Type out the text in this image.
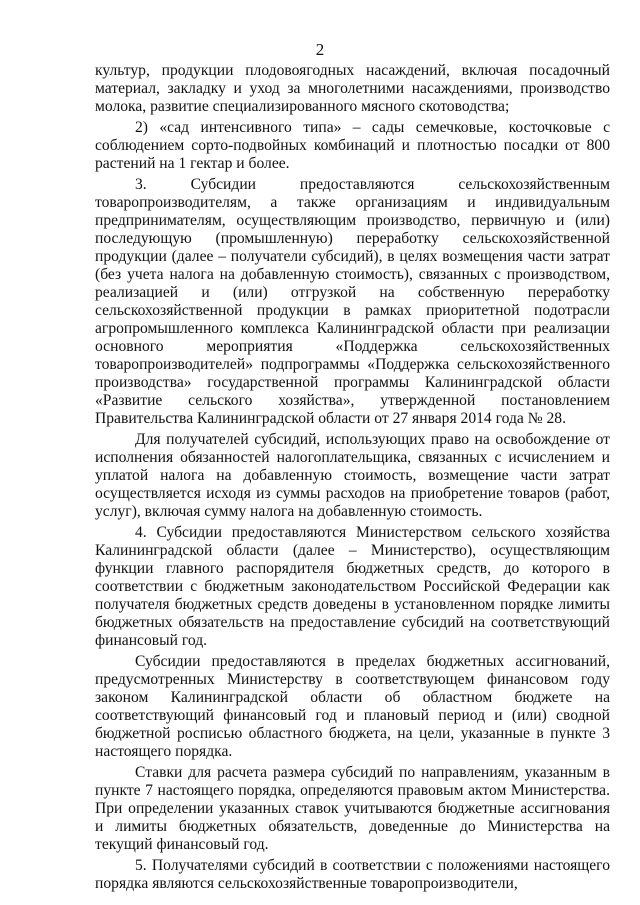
2

культур, продукции плодовоягодных насаждений, включая посадочный материал, закладку и уход за многолетними насаждениями, производство молока, развитие специализированного мясного скотоводства;

2) «сад интенсивного типа» – сады семечковые, косточковые с соблюдением сорто-подвойных комбинаций и плотностью посадки от 800 растений на 1 гектар и более.

3. Субсидии предоставляются сельскохозяйственным товаропроизводителям, а также организациям и индивидуальным предпринимателям, осуществляющим производство, первичную и (или) последующую (промышленную) переработку сельскохозяйственной продукции (далее – получатели субсидий), в целях возмещения части затрат (без учета налога на добавленную стоимость), связанных с производством, реализацией и (или) отгрузкой на собственную переработку сельскохозяйственной продукции в рамках приоритетной подотрасли агропромышленного комплекса Калининградской области при реализации основного мероприятия «Поддержка сельскохозяйственных товаропроизводителей» подпрограммы «Поддержка сельскохозяйственного производства» государственной программы Калининградской области «Развитие сельского хозяйства», утвержденной постановлением Правительства Калининградской области от 27 января 2014 года № 28.

Для получателей субсидий, использующих право на освобождение от исполнения обязанностей налогоплательщика, связанных с исчислением и уплатой налога на добавленную стоимость, возмещение части затрат осуществляется исходя из суммы расходов на приобретение товаров (работ, услуг), включая сумму налога на добавленную стоимость.

4. Субсидии предоставляются Министерством сельского хозяйства Калининградской области (далее – Министерство), осуществляющим функции главного распорядителя бюджетных средств, до которого в соответствии с бюджетным законодательством Российской Федерации как получателя бюджетных средств доведены в установленном порядке лимиты бюджетных обязательств на предоставление субсидий на соответствующий финансовый год.

Субсидии предоставляются в пределах бюджетных ассигнований, предусмотренных Министерству в соответствующем финансовом году законом Калининградской области об областном бюджете на соответствующий финансовый год и плановый период и (или) сводной бюджетной росписью областного бюджета, на цели, указанные в пункте 3 настоящего порядка.

Ставки для расчета размера субсидий по направлениям, указанным в пункте 7 настоящего порядка, определяются правовым актом Министерства. При определении указанных ставок учитываются бюджетные ассигнования и лимиты бюджетных обязательств, доведенные до Министерства на текущий финансовый год.

5. Получателями субсидий в соответствии с положениями настоящего порядка являются сельскохозяйственные товаропроизводители,
